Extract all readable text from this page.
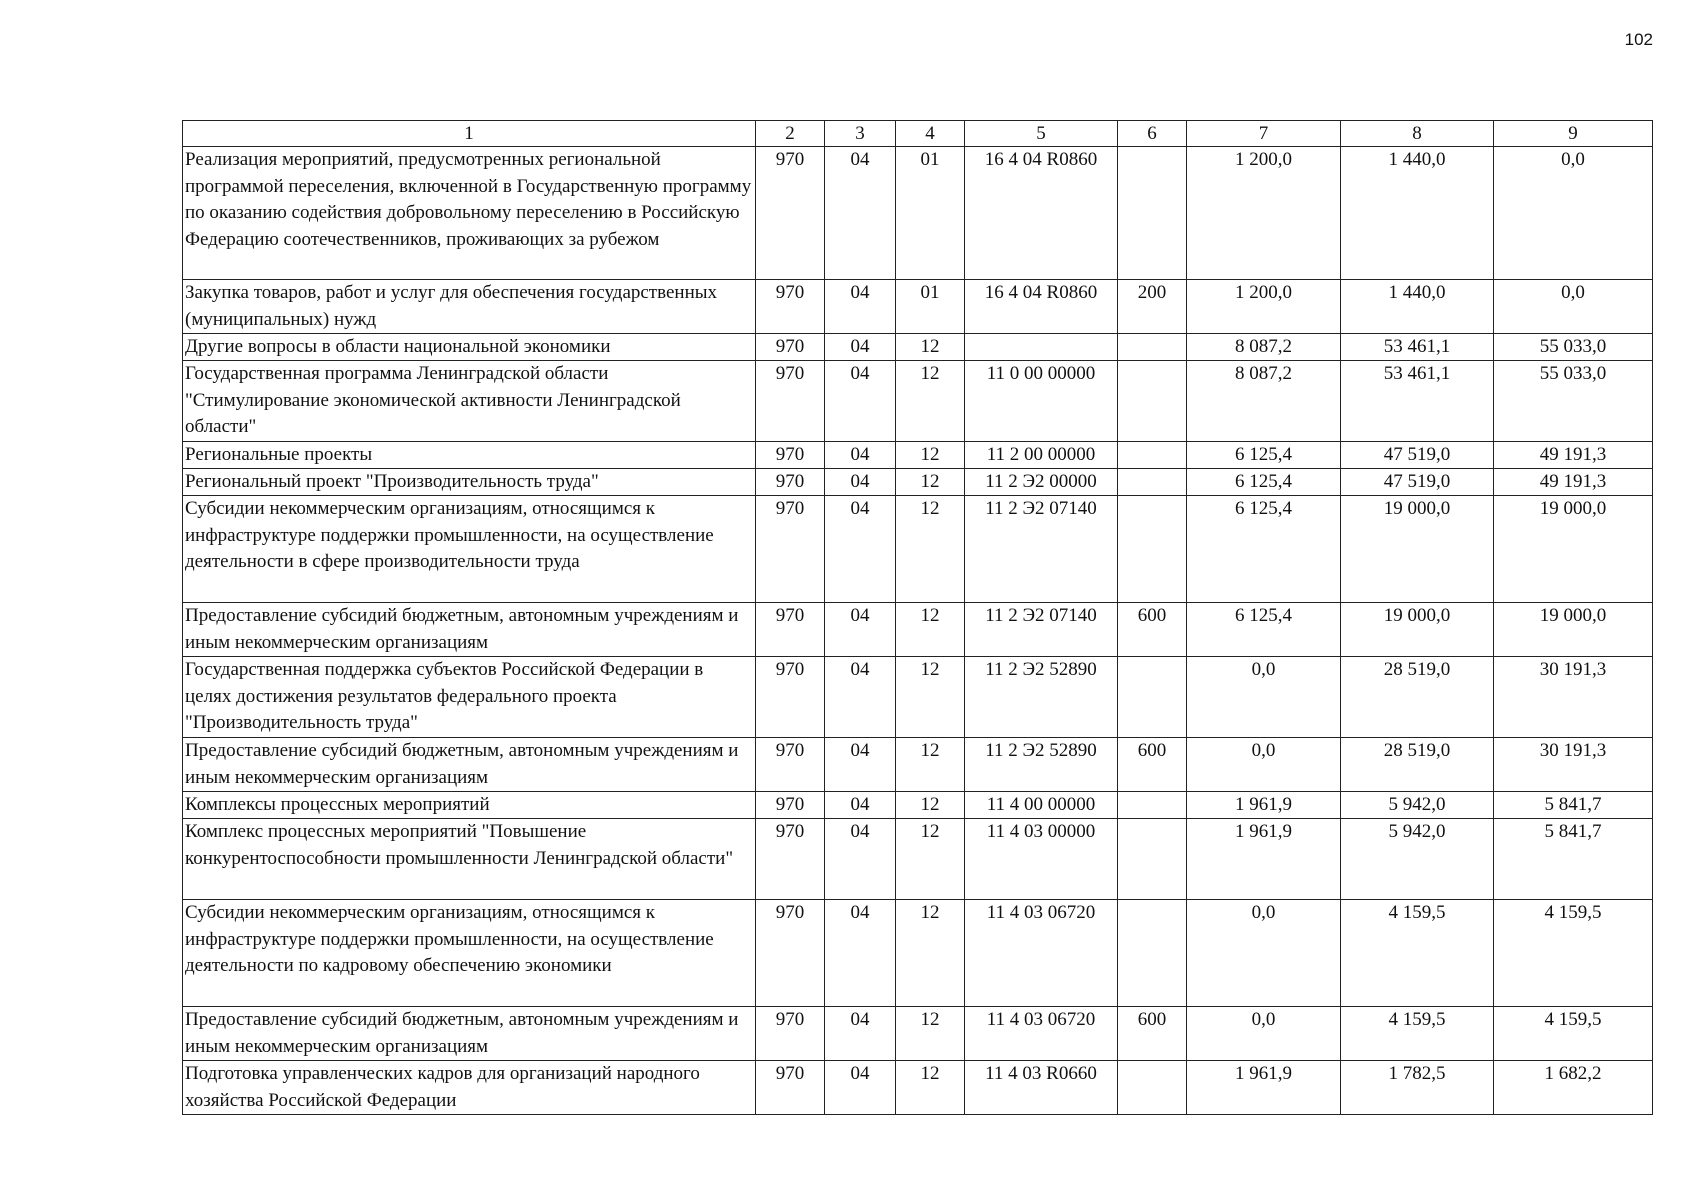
102
1	2	3	4	5	6	7	8	9
Реализация мероприятий, предусмотренных региональной программой переселения, включенной в Государственную программу по оказанию содействия добровольному переселению в Российскую Федерацию соотечественников, проживающих за рубежом	970	04	01	16 4 04 R0860		1 200,0	1 440,0	0,0
Закупка товаров, работ и услуг для обеспечения государственных (муниципальных) нужд	970	04	01	16 4 04 R0860	200	1 200,0	1 440,0	0,0
Другие вопросы в области национальной экономики	970	04	12			8 087,2	53 461,1	55 033,0
Государственная программа Ленинградской области "Стимулирование экономической активности Ленинградской области"	970	04	12	11 0 00 00000		8 087,2	53 461,1	55 033,0
Региональные проекты	970	04	12	11 2 00 00000		6 125,4	47 519,0	49 191,3
Региональный проект "Производительность труда"	970	04	12	11 2 Э2 00000		6 125,4	47 519,0	49 191,3
Субсидии некоммерческим организациям, относящимся к инфраструктуре поддержки промышленности, на осуществление деятельности в сфере производительности труда	970	04	12	11 2 Э2 07140		6 125,4	19 000,0	19 000,0
Предоставление субсидий бюджетным, автономным учреждениям и иным некоммерческим организациям	970	04	12	11 2 Э2 07140	600	6 125,4	19 000,0	19 000,0
Государственная поддержка субъектов Российской Федерации в целях достижения результатов федерального проекта "Производительность труда"	970	04	12	11 2 Э2 52890		0,0	28 519,0	30 191,3
Предоставление субсидий бюджетным, автономным учреждениям и иным некоммерческим организациям	970	04	12	11 2 Э2 52890	600	0,0	28 519,0	30 191,3
Комплексы процессных мероприятий	970	04	12	11 4 00 00000		1 961,9	5 942,0	5 841,7
Комплекс процессных мероприятий "Повышение конкурентоспособности промышленности Ленинградской области"	970	04	12	11 4 03 00000		1 961,9	5 942,0	5 841,7
Субсидии некоммерческим организациям, относящимся к инфраструктуре поддержки промышленности, на осуществление деятельности по кадровому обеспечению экономики	970	04	12	11 4 03 06720		0,0	4 159,5	4 159,5
Предоставление субсидий бюджетным, автономным учреждениям и иным некоммерческим организациям	970	04	12	11 4 03 06720	600	0,0	4 159,5	4 159,5
Подготовка управленческих кадров для организаций народного хозяйства Российской Федерации	970	04	12	11 4 03 R0660		1 961,9	1 782,5	1 682,2
